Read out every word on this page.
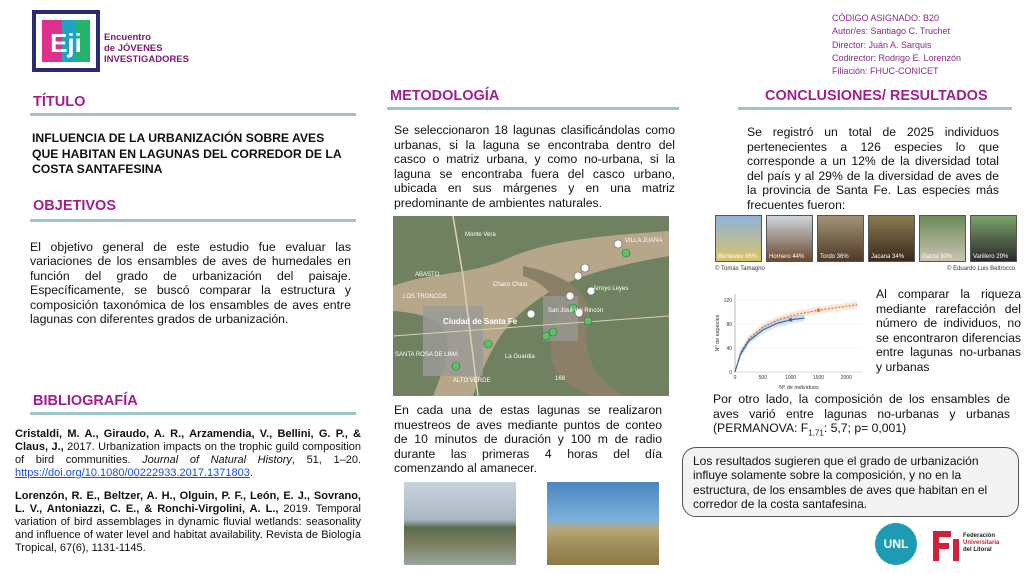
Eji Encuentro
de JÓVENES
INVESTIGADORES
CÓDIGO ASIGNADO: B20
Autor/es: Santiago C. Truchet
Director: Juán A. Sarquis
Codirector: Rodrigo E. Lorenzón
Filiación: FHUC-CONICET
TÍTULO
INFLUENCIA DE LA URBANIZACIÓN SOBRE AVES QUE HABITAN EN LAGUNAS DEL CORREDOR DE LA COSTA SANTAFESINA
OBJETIVOS
El objetivo general de este estudio fue evaluar las variaciones de los ensambles de aves de humedales en función del grado de urbanización del paisaje. Específicamente, se buscó comparar la estructura y composición taxonómica de los ensambles de aves entre lagunas con diferentes grados de urbanización.
BIBLIOGRAFÍA
Cristaldi, M. A., Giraudo, A. R., Arzamendia, V., Bellini, G. P., & Claus, J., 2017. Urbanization impacts on the trophic guild composition of bird communities. Journal of Natural History, 51, 1–20. https://doi.org/10.1080/00222933.2017.1371803.
Lorenzón, R. E., Beltzer, A. H., Olguin, P. F., León, E. J., Sovrano, L. V., Antoniazzi, C. E., & Ronchi-Virgolini, A. L., 2019. Temporal variation of bird assemblages in dynamic fluvial wetlands: seasonality and influence of water level and habitat availability. Revista de Biología Tropical, 67(6), 1131-1145.
METODOLOGÍA
Se seleccionaron 18 lagunas clasificándolas como urbanas, si la laguna se encontraba dentro del casco o matriz urbana, y como no-urbana, si la laguna se encontraba fuera del casco urbano, ubicada en sus márgenes y en una matriz predominante de ambientes naturales.
Monte Vera
VILLA JUANA
Chaco Chico
Arroyo Leyes
LOS TRONCOS
Ciudad de Santa Fe
San José del Rincón
La Guardia
SANTA ROSA DE LIMA
ALTO VERDE
ABASTO
168
En cada una de estas lagunas se realizaron muestreos de aves mediante puntos de conteo de 10 minutos de duración y 100 m de radio durante las primeras 4 horas del día comenzando al amanecer.
CONCLUSIONES/ RESULTADOS
Se registró un total de 2025 individuos pertenecientes a 126 especies lo que corresponde a un 12% de la diversidad total del país y al 29% de la diversidad de aves de la provincia de Santa Fe. Las especies más frecuentes fueron:
Benteveo 86% Hornero 44%	Tordo 36%	Jacana 34%	Garza 30%	Varillero 29%
© Tomás Tamagno	© Eduardo Luis Beltrocco
0	500	1000	1500	2000
0
40
80
120
Nº de individuos
Nº de especies
Al comparar la riqueza mediante rarefacción del número de individuos, no se encontraron diferencias entre lagunas no-urbanas y urbanas
Por otro lado, la composición de los ensambles de aves varió entre lagunas no-urbanas y urbanas (PERMANOVA: $F_{1,71}$: 5,7; p= 0,001)
Los resultados sugieren que el grado de urbanización influye solamente sobre la composición, y no en la estructura, de los ensambles de aves que habitan en el corredor de la costa santafesina.
UNL
Federación
Universitaria
del Litoral
